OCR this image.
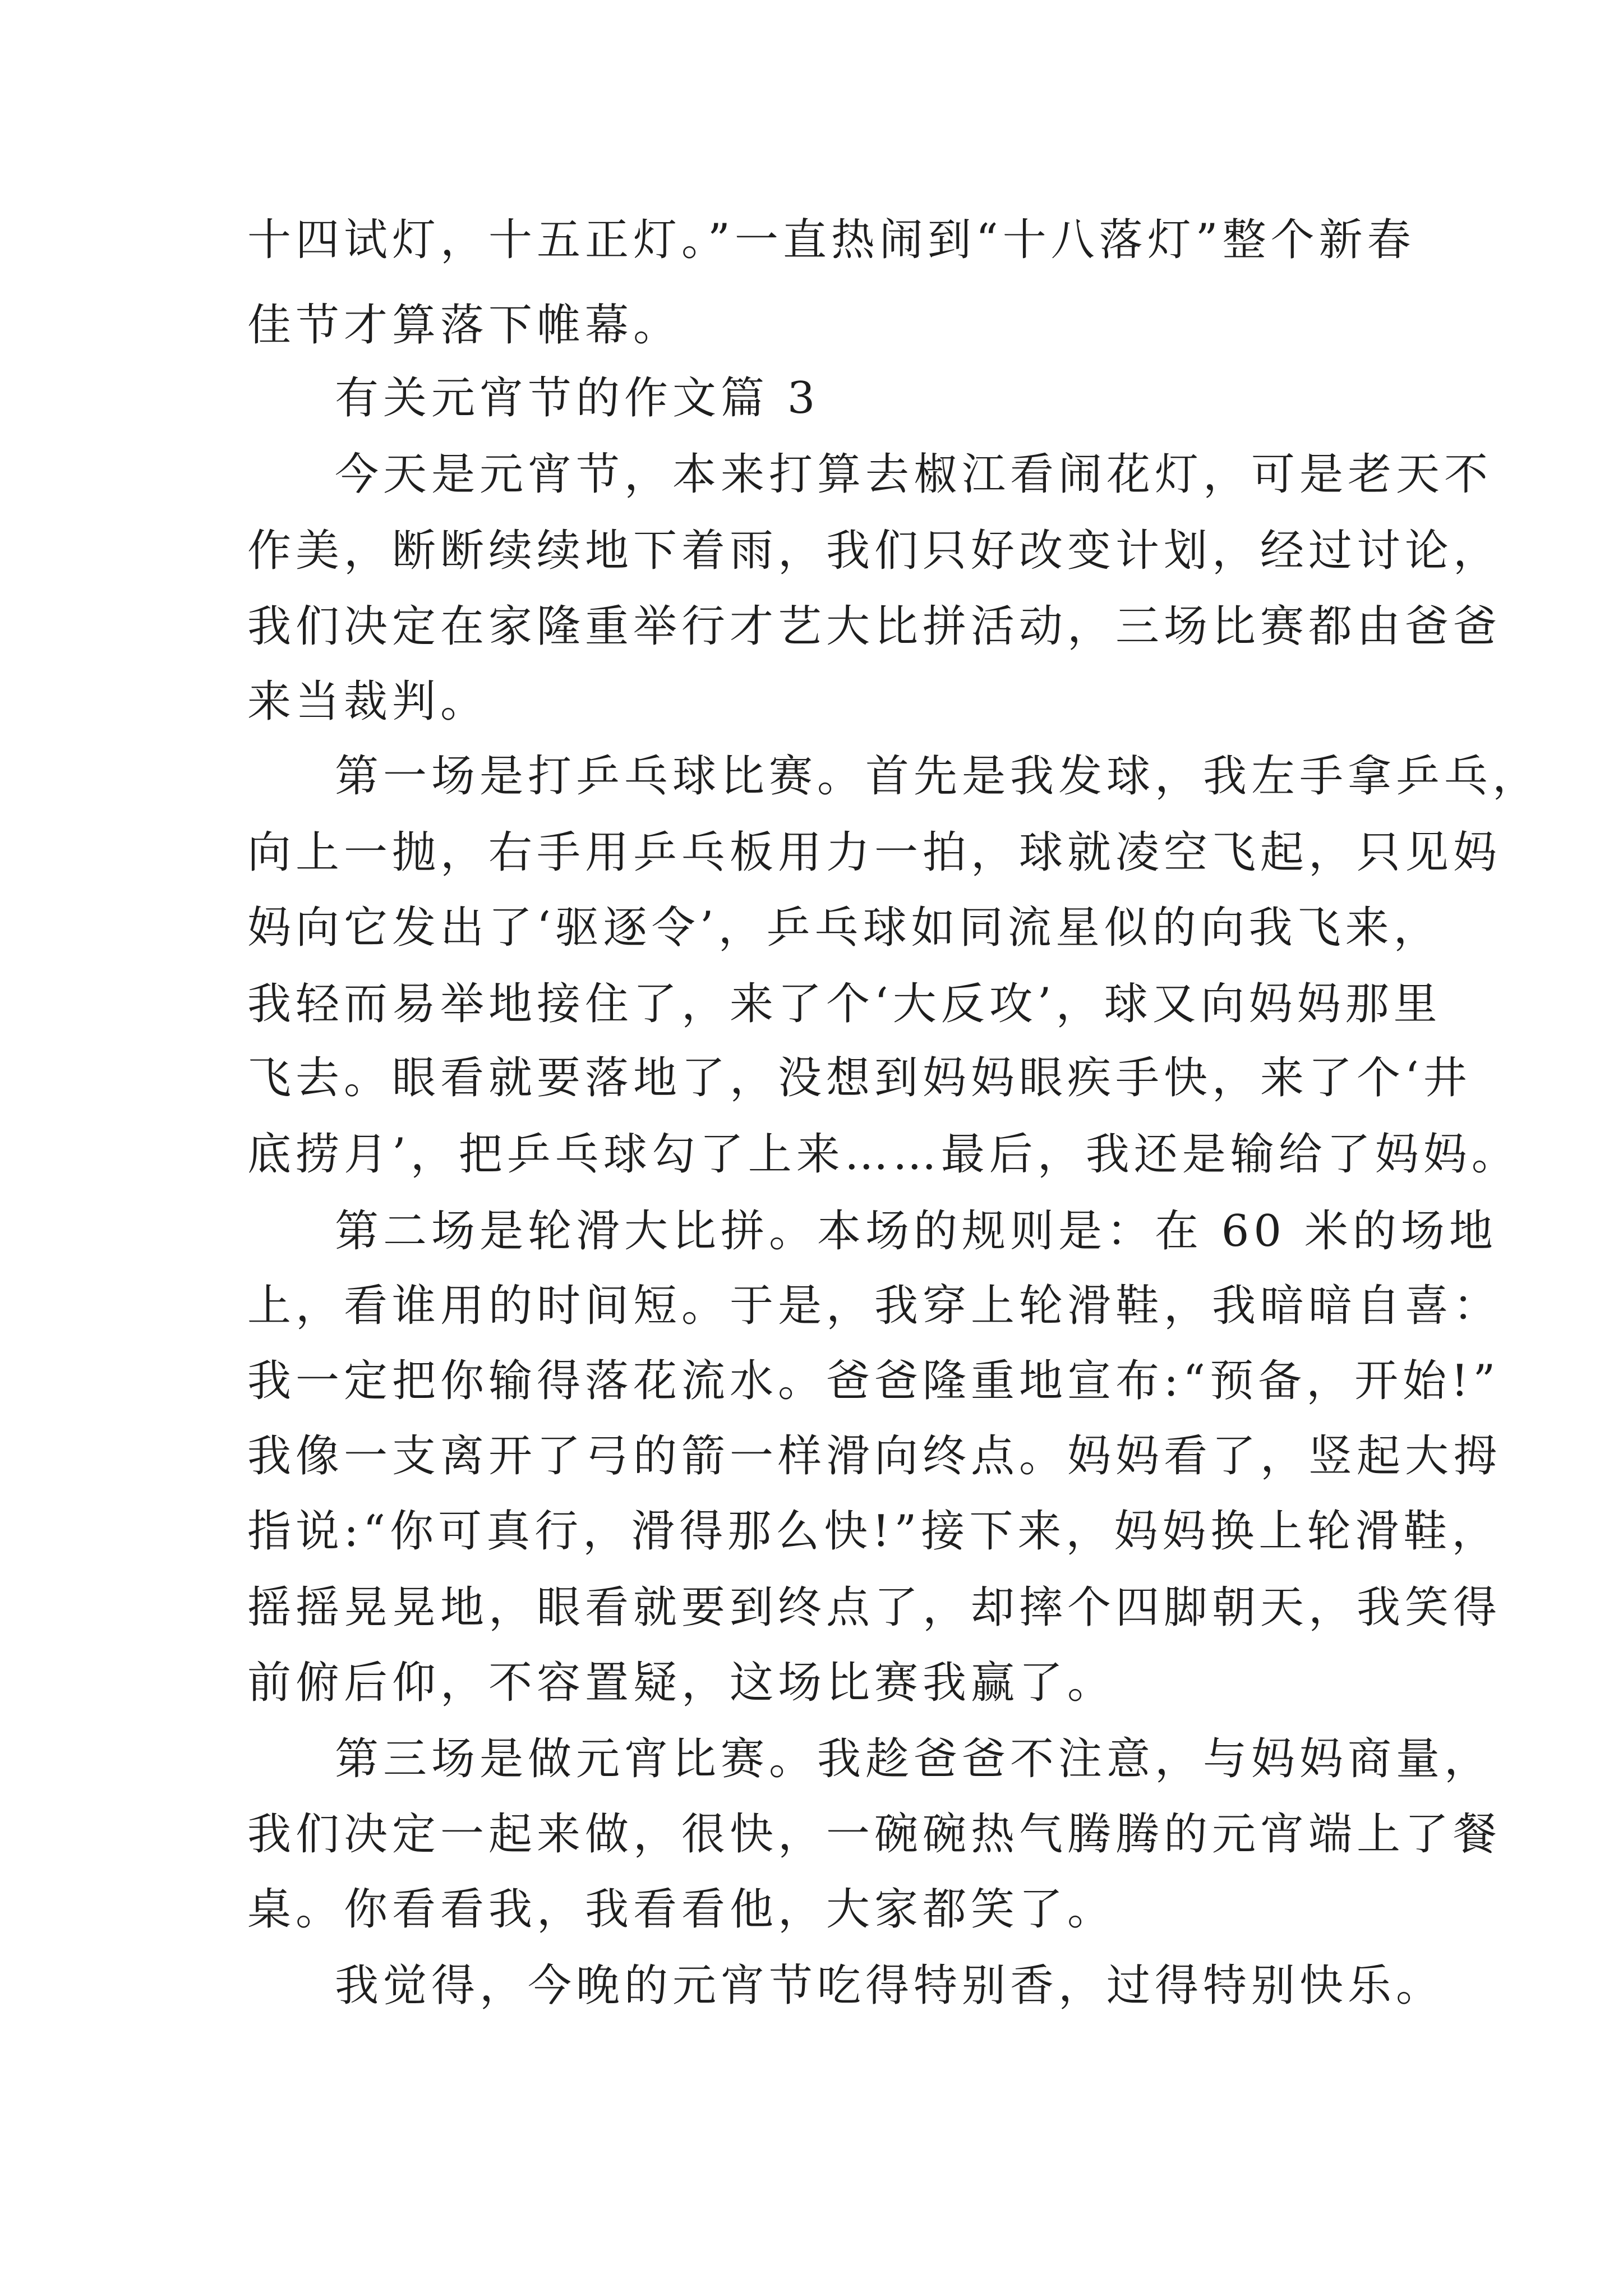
十四试灯，十五正灯。”一直热闹到“十八落灯”整个新春
佳节才算落下帷幕。
有关元宵节的作文篇 3
今天是元宵节，本来打算去椒江看闹花灯，可是老天不
作美，断断续续地下着雨，我们只好改变计划，经过讨论，
我们决定在家隆重举行才艺大比拼活动，三场比赛都由爸爸
来当裁判。
第一场是打乒乓球比赛。首先是我发球，我左手拿乒乓，
向上一抛，右手用乒乓板用力一拍，球就凌空飞起，只见妈
妈向它发出了‘驱逐令’，乒乓球如同流星似的向我飞来，
我轻而易举地接住了，来了个‘大反攻’，球又向妈妈那里
飞去。眼看就要落地了，没想到妈妈眼疾手快，来了个‘井
底捞月’，把乒乓球勾了上来……最后，我还是输给了妈妈。
第二场是轮滑大比拼。本场的规则是：在 60 米的场地
上，看谁用的时间短。于是，我穿上轮滑鞋，我暗暗自喜：
我一定把你输得落花流水。爸爸隆重地宣布:“预备，开始!”
我像一支离开了弓的箭一样滑向终点。妈妈看了，竖起大拇
指说:“你可真行，滑得那么快!”接下来，妈妈换上轮滑鞋，
摇摇晃晃地，眼看就要到终点了，却摔个四脚朝天，我笑得
前俯后仰，不容置疑，这场比赛我赢了。
第三场是做元宵比赛。我趁爸爸不注意，与妈妈商量，
我们决定一起来做，很快，一碗碗热气腾腾的元宵端上了餐
桌。你看看我，我看看他，大家都笑了。
我觉得，今晚的元宵节吃得特别香，过得特别快乐。
